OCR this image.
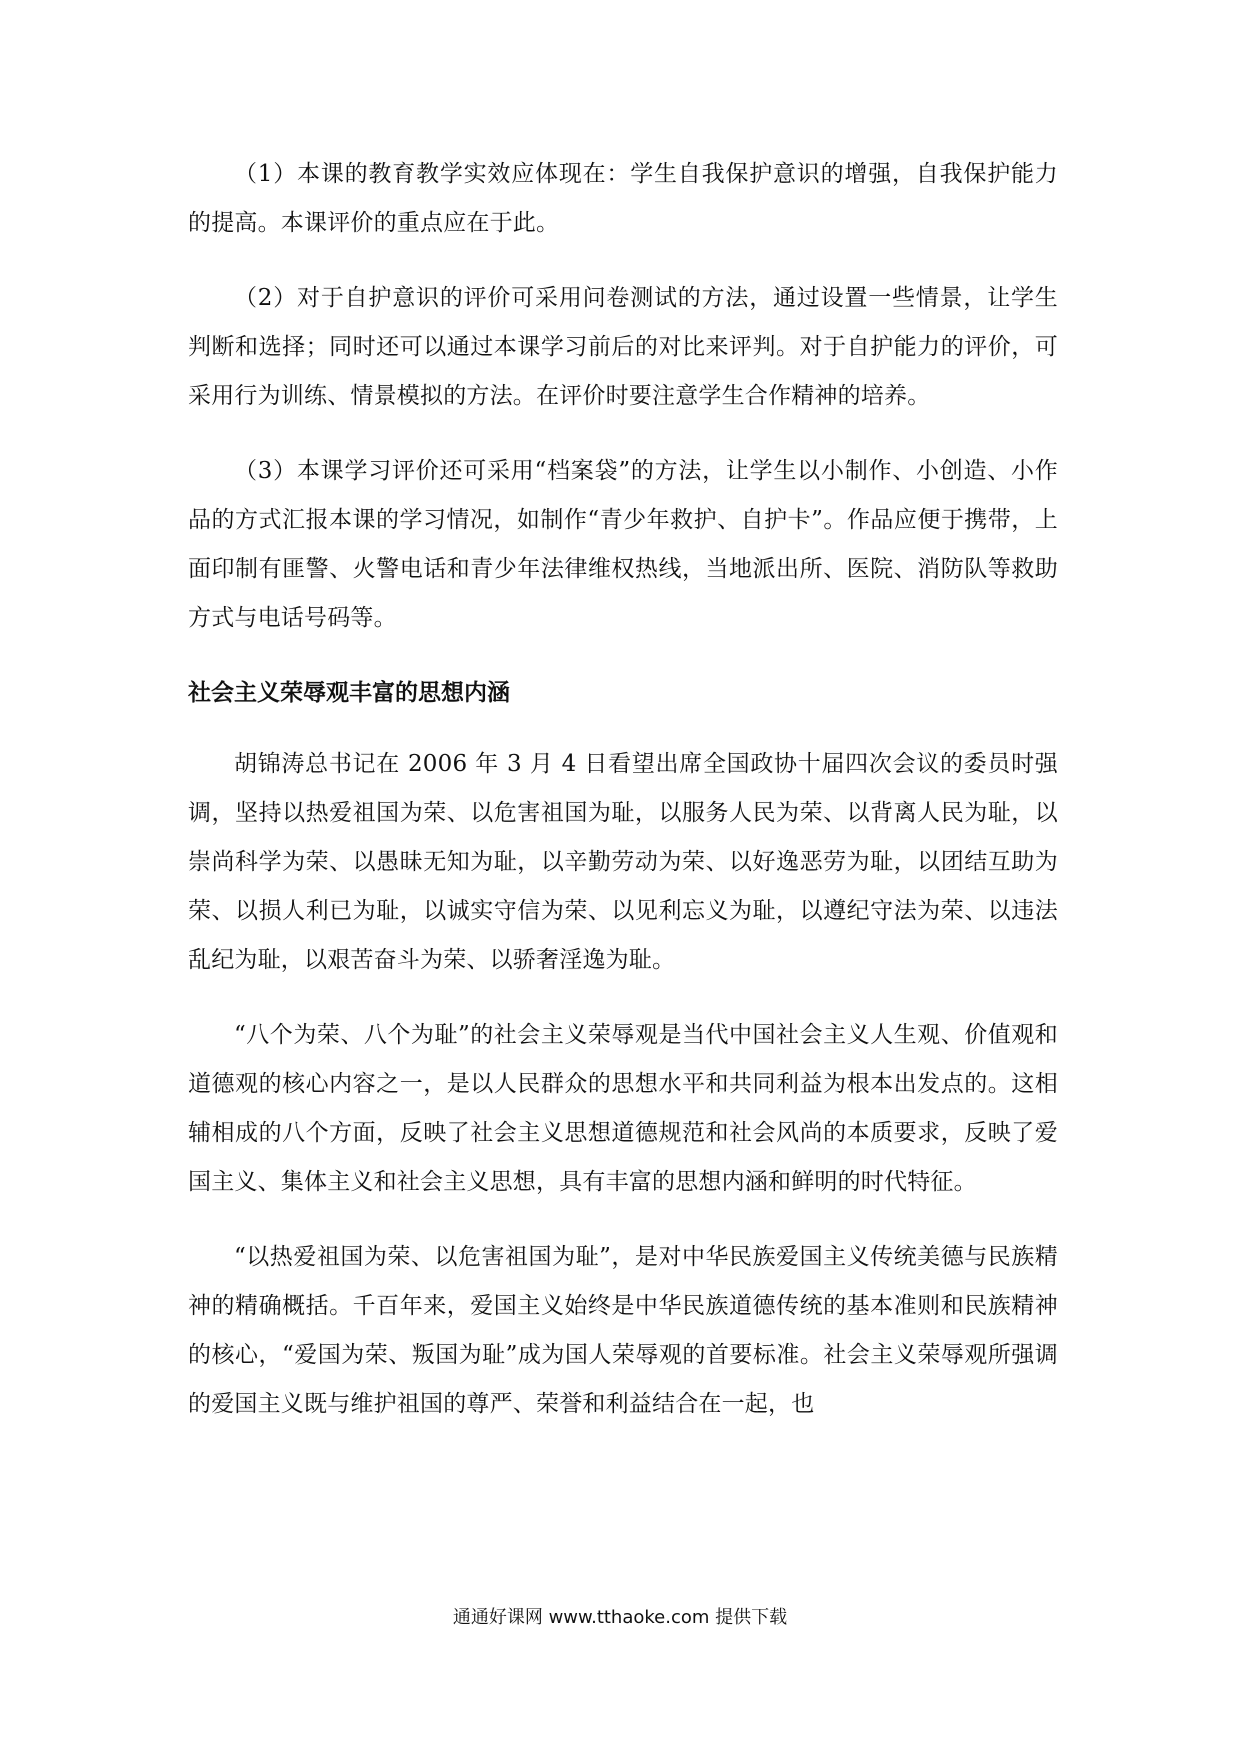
（1）本课的教育教学实效应体现在：学生自我保护意识的增强，自我保护能力的提高。本课评价的重点应在于此。

（2）对于自护意识的评价可采用问卷测试的方法，通过设置一些情景，让学生判断和选择；同时还可以通过本课学习前后的对比来评判。对于自护能力的评价，可采用行为训练、情景模拟的方法。在评价时要注意学生合作精神的培养。

（3）本课学习评价还可采用“档案袋”的方法，让学生以小制作、小创造、小作品的方式汇报本课的学习情况，如制作“青少年救护、自护卡”。作品应便于携带，上面印制有匪警、火警电话和青少年法律维权热线，当地派出所、医院、消防队等救助方式与电话号码等。

社会主义荣辱观丰富的思想内涵

胡锦涛总书记在 2006 年 3 月 4 日看望出席全国政协十届四次会议的委员时强调，坚持以热爱祖国为荣、以危害祖国为耻，以服务人民为荣、以背离人民为耻，以崇尚科学为荣、以愚昧无知为耻，以辛勤劳动为荣、以好逸恶劳为耻，以团结互助为荣、以损人利已为耻，以诚实守信为荣、以见利忘义为耻，以遵纪守法为荣、以违法乱纪为耻，以艰苦奋斗为荣、以骄奢淫逸为耻。

“八个为荣、八个为耻”的社会主义荣辱观是当代中国社会主义人生观、价值观和道德观的核心内容之一，是以人民群众的思想水平和共同利益为根本出发点的。这相辅相成的八个方面，反映了社会主义思想道德规范和社会风尚的本质要求，反映了爱国主义、集体主义和社会主义思想，具有丰富的思想内涵和鲜明的时代特征。

“以热爱祖国为荣、以危害祖国为耻”，是对中华民族爱国主义传统美德与民族精神的精确概括。千百年来，爱国主义始终是中华民族道德传统的基本准则和民族精神的核心，“爱国为荣、叛国为耻”成为国人荣辱观的首要标准。社会主义荣辱观所强调的爱国主义既与维护祖国的尊严、荣誉和利益结合在一起，也

通通好课网 www.tthaoke.com 提供下载
